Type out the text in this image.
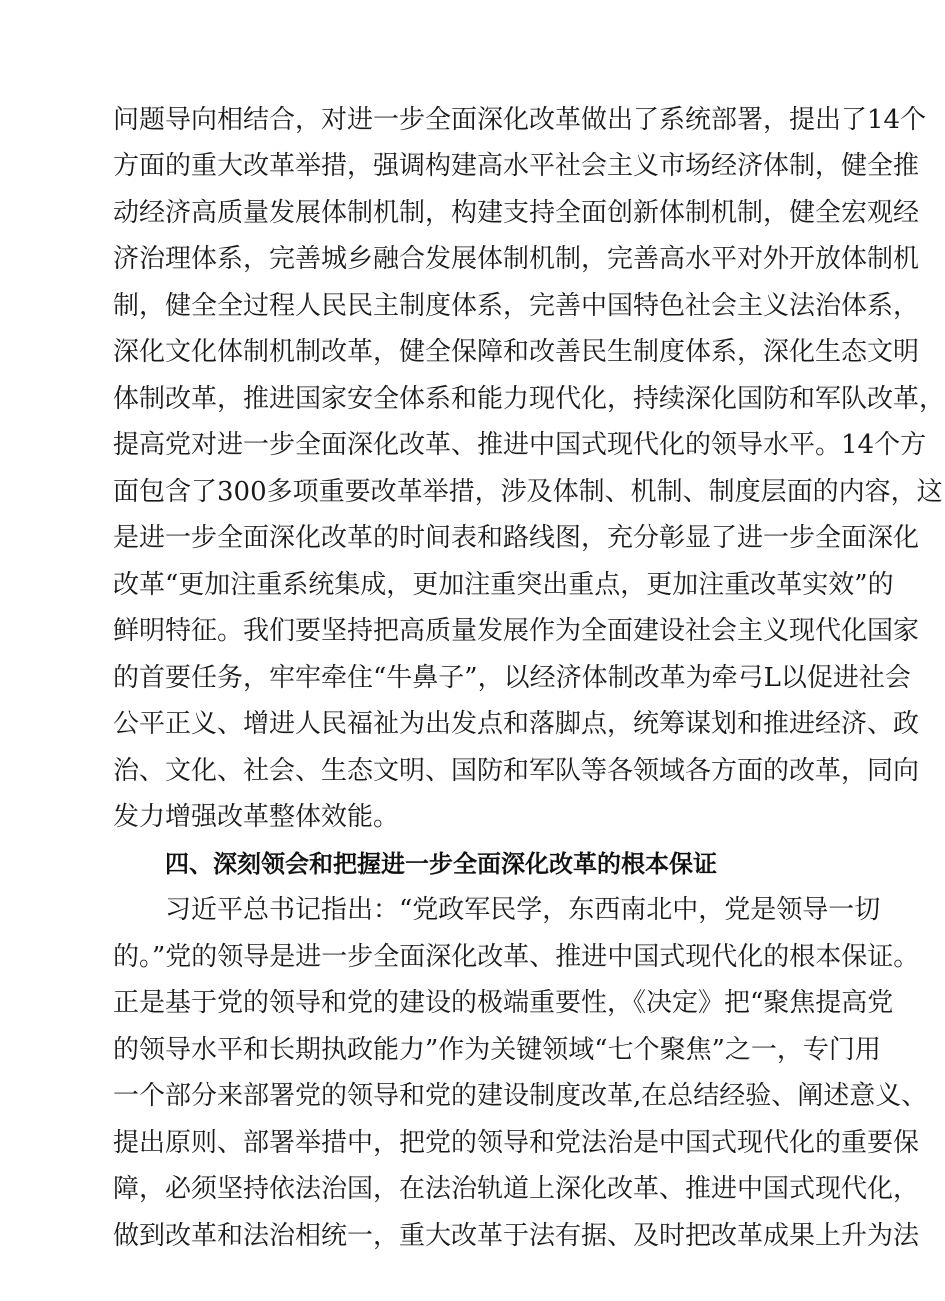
问题导向相结合，对进一步全面深化改革做出了系统部署，提出了14个
方面的重大改革举措，强调构建高水平社会主义市场经济体制，健全推
动经济高质量发展体制机制，构建支持全面创新体制机制，健全宏观经
济治理体系，完善城乡融合发展体制机制，完善高水平对外开放体制机
制，健全全过程人民民主制度体系，完善中国特色社会主义法治体系，
深化文化体制机制改革，健全保障和改善民生制度体系，深化生态文明
体制改革，推进国家安全体系和能力现代化，持续深化国防和军队改革，
提高党对进一步全面深化改革、推进中国式现代化的领导水平。14个方
面包含了300多项重要改革举措，涉及体制、机制、制度层面的内容，这
是进一步全面深化改革的时间表和路线图，充分彰显了进一步全面深化
改革“更加注重系统集成，更加注重突出重点，更加注重改革实效”的
鲜明特征。我们要坚持把高质量发展作为全面建设社会主义现代化国家
的首要任务，牢牢牵住“牛鼻子”，以经济体制改革为牵弓L以促进社会
公平正义、增进人民福祉为出发点和落脚点，统筹谋划和推进经济、政
治、文化、社会、生态文明、国防和军队等各领域各方面的改革，同向
发力增强改革整体效能。
四、深刻领会和把握进一步全面深化改革的根本保证
习近平总书记指出：“党政军民学，东西南北中，党是领导一切
的。”党的领导是进一步全面深化改革、推进中国式现代化的根本保证。
正是基于党的领导和党的建设的极端重要性，《决定》把“聚焦提高党
的领导水平和长期执政能力”作为关键领域“七个聚焦”之一，专门用
一个部分来部署党的领导和党的建设制度改革,在总结经验、阐述意义、
提出原则、部署举措中，把党的领导和党法治是中国式现代化的重要保
障，必须坚持依法治国，在法治轨道上深化改革、推进中国式现代化，
做到改革和法治相统一，重大改革于法有据、及时把改革成果上升为法
